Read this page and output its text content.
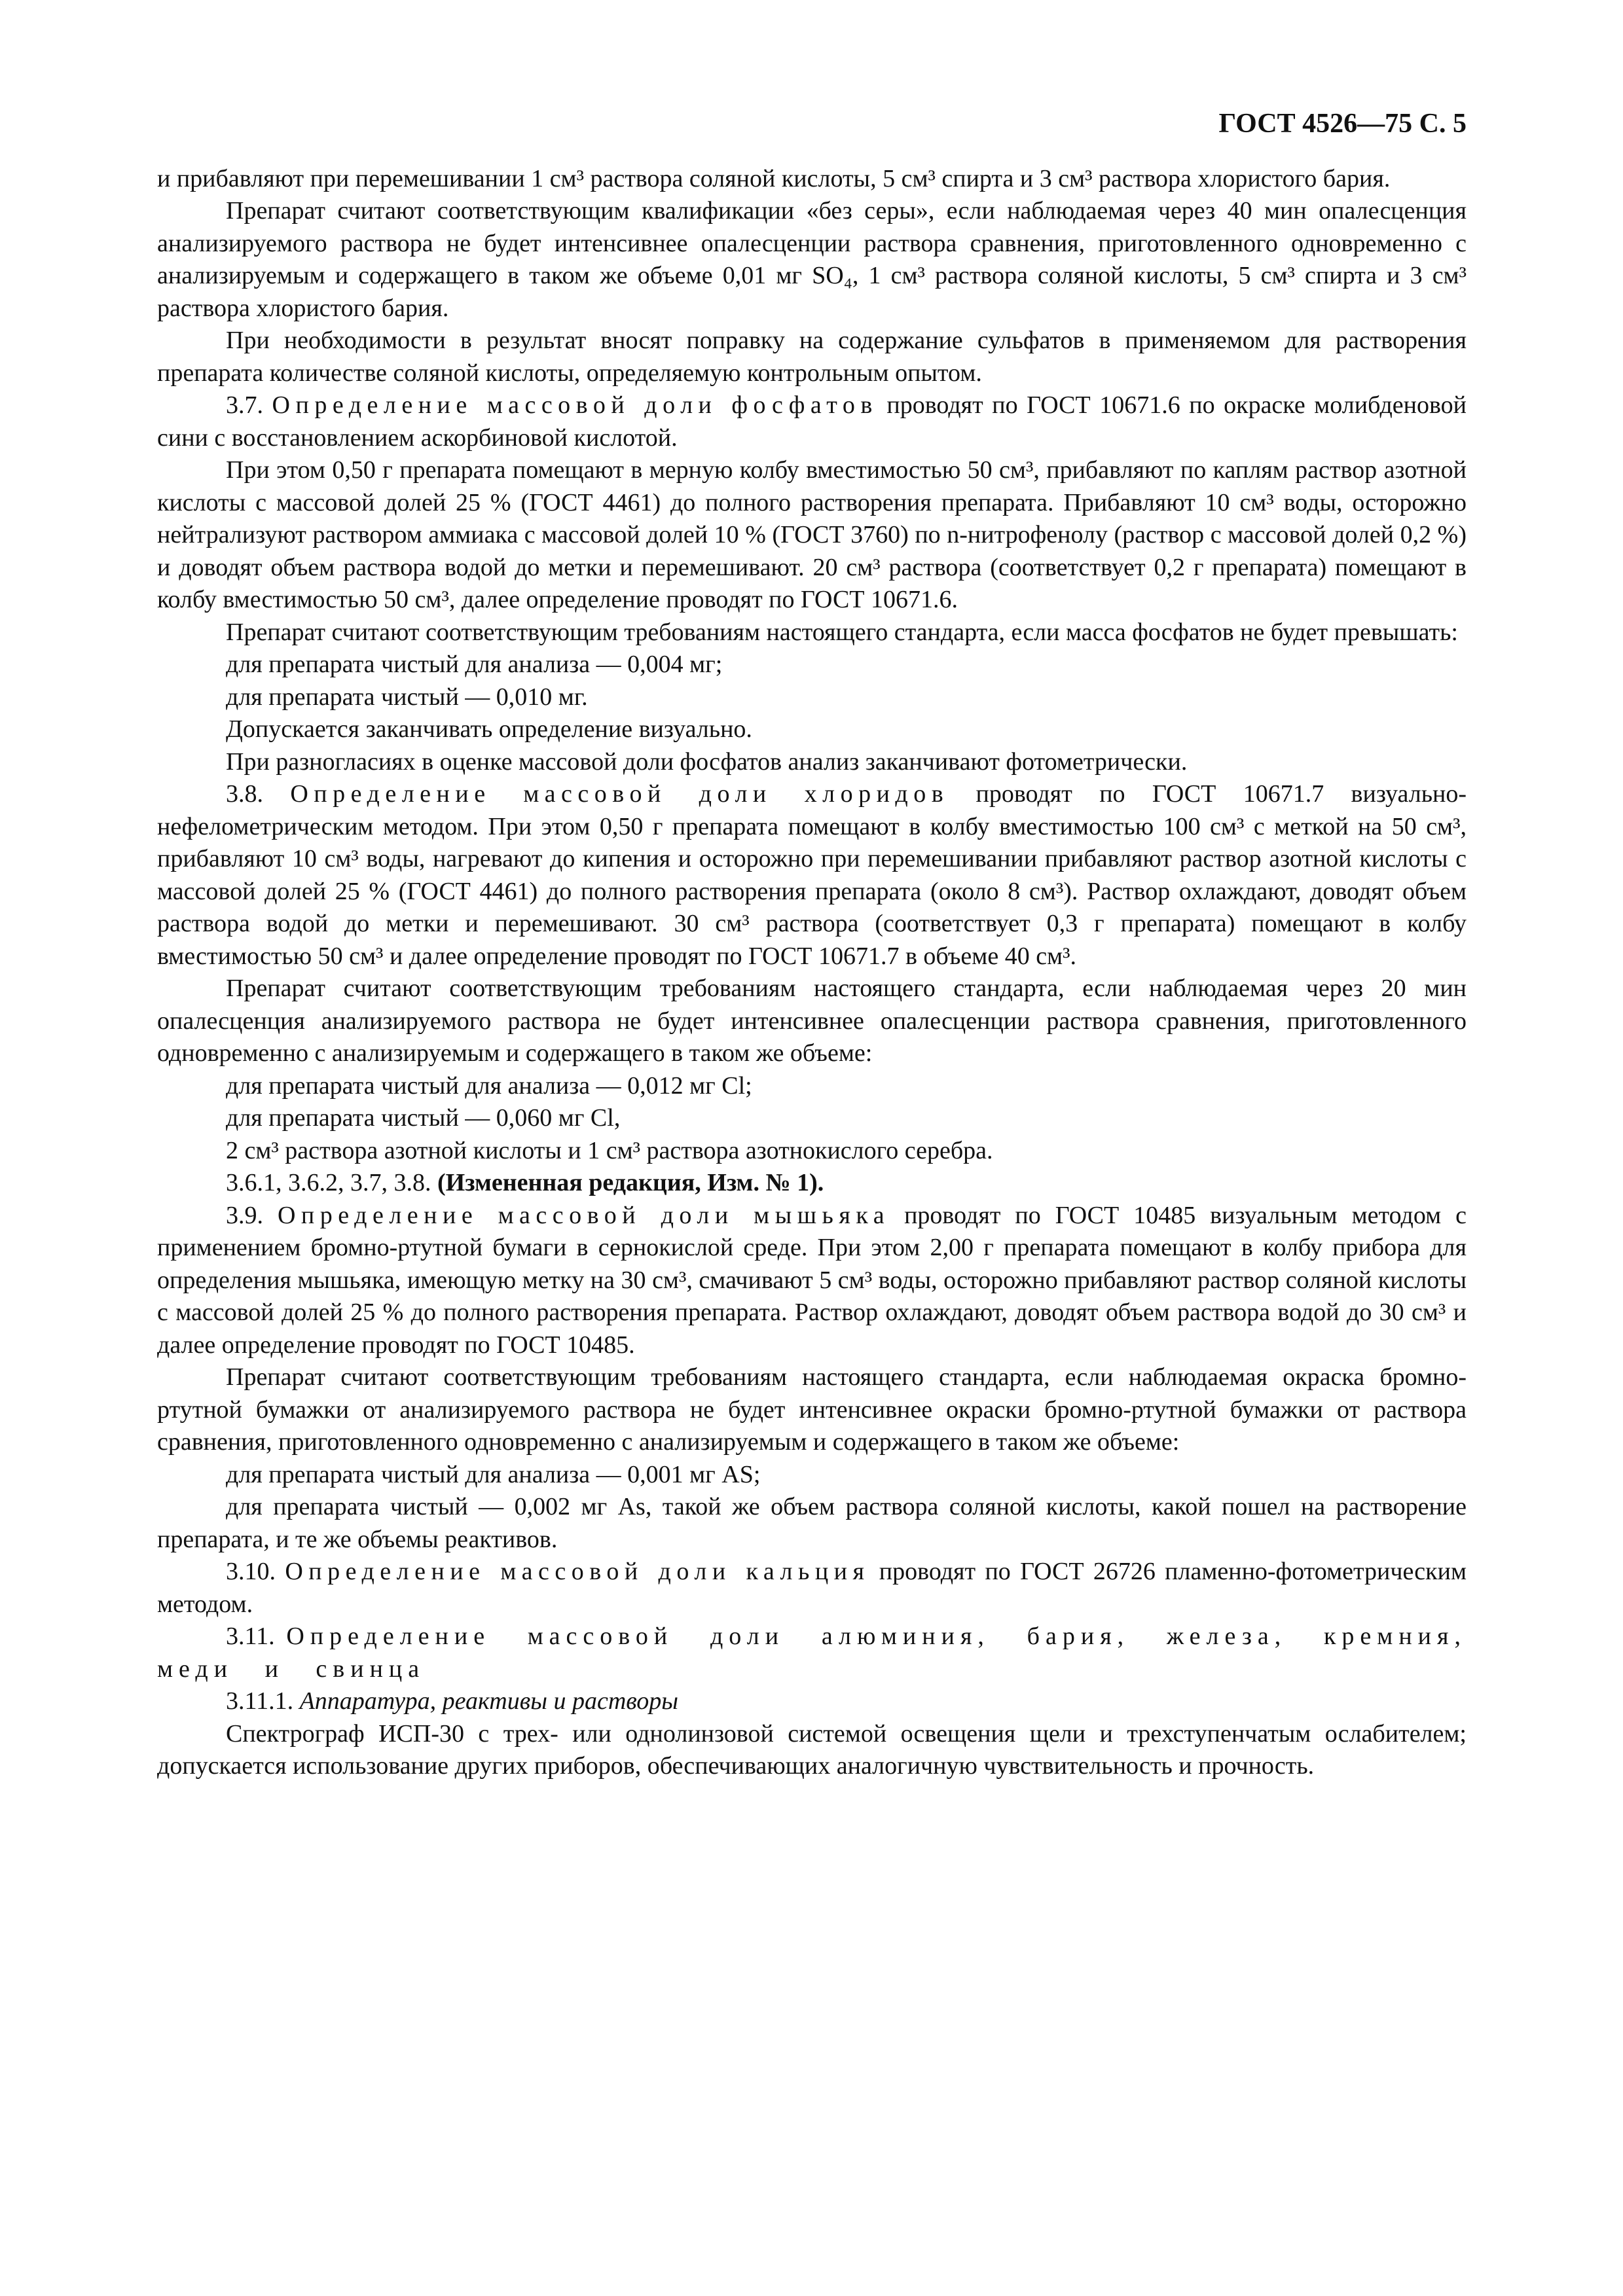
ГОСТ 4526—75 С. 5

и прибавляют при перемешивании 1 см³ раствора соляной кислоты, 5 см³ спирта и 3 см³ раствора хлористого бария.

Препарат считают соответствующим квалификации «без серы», если наблюдаемая через 40 мин опалесценция анализируемого раствора не будет интенсивнее опалесценции раствора сравнения, приготовленного одновременно с анализируемым и содержащего в таком же объеме 0,01 мг SO₄, 1 см³ раствора соляной кислоты, 5 см³ спирта и 3 см³ раствора хлористого бария.

При необходимости в результат вносят поправку на содержание сульфатов в применяемом для растворения препарата количестве соляной кислоты, определяемую контрольным опытом.

3.7. Определение массовой доли фосфатов проводят по ГОСТ 10671.6 по окраске молибденовой сини с восстановлением аскорбиновой кислотой.

При этом 0,50 г препарата помещают в мерную колбу вместимостью 50 см³, прибавляют по каплям раствор азотной кислоты с массовой долей 25 % (ГОСТ 4461) до полного растворения препарата. Прибавляют 10 см³ воды, осторожно нейтрализуют раствором аммиака с массовой долей 10 % (ГОСТ 3760) по n-нитрофенолу (раствор с массовой долей 0,2 %) и доводят объем раствора водой до метки и перемешивают. 20 см³ раствора (соответствует 0,2 г препарата) помещают в колбу вместимостью 50 см³, далее определение проводят по ГОСТ 10671.6.

Препарат считают соответствующим требованиям настоящего стандарта, если масса фосфатов не будет превышать:

для препарата чистый для анализа — 0,004 мг;

для препарата чистый — 0,010 мг.

Допускается заканчивать определение визуально.

При разногласиях в оценке массовой доли фосфатов анализ заканчивают фотометрически.

3.8. Определение массовой доли хлоридов проводят по ГОСТ 10671.7 визуально-нефелометрическим методом. При этом 0,50 г препарата помещают в колбу вместимостью 100 см³ с меткой на 50 см³, прибавляют 10 см³ воды, нагревают до кипения и осторожно при перемешивании прибавляют раствор азотной кислоты с массовой долей 25 % (ГОСТ 4461) до полного растворения препарата (около 8 см³). Раствор охлаждают, доводят объем раствора водой до метки и перемешивают. 30 см³ раствора (соответствует 0,3 г препарата) помещают в колбу вместимостью 50 см³ и далее определение проводят по ГОСТ 10671.7 в объеме 40 см³.

Препарат считают соответствующим требованиям настоящего стандарта, если наблюдаемая через 20 мин опалесценция анализируемого раствора не будет интенсивнее опалесценции раствора сравнения, приготовленного одновременно с анализируемым и содержащего в таком же объеме:

для препарата чистый для анализа — 0,012 мг Cl;

для препарата чистый — 0,060 мг Cl,

2 см³ раствора азотной кислоты и 1 см³ раствора азотнокислого серебра.

3.6.1, 3.6.2, 3.7, 3.8. (Измененная редакция, Изм. № 1).

3.9. Определение массовой доли мышьяка проводят по ГОСТ 10485 визуальным методом с применением бромно-ртутной бумаги в сернокислой среде. При этом 2,00 г препарата помещают в колбу прибора для определения мышьяка, имеющую метку на 30 см³, смачивают 5 см³ воды, осторожно прибавляют раствор соляной кислоты с массовой долей 25 % до полного растворения препарата. Раствор охлаждают, доводят объем раствора водой до 30 см³ и далее определение проводят по ГОСТ 10485.

Препарат считают соответствующим требованиям настоящего стандарта, если наблюдаемая окраска бромно-ртутной бумажки от анализируемого раствора не будет интенсивнее окраски бромно-ртутной бумажки от раствора сравнения, приготовленного одновременно с анализируемым и содержащего в таком же объеме:

для препарата чистый для анализа — 0,001 мг AS;

для препарата чистый — 0,002 мг As, такой же объем раствора соляной кислоты, какой пошел на растворение препарата, и те же объемы реактивов.

3.10. Определение массовой доли кальция проводят по ГОСТ 26726 пламенно-фотометрическим методом.

3.11. Определение массовой доли алюминия, бария, железа, кремния, меди и свинца

3.11.1. Аппаратура, реактивы и растворы

Спектрограф ИСП-30 с трех- или однолинзовой системой освещения щели и трехступенчатым ослабителем; допускается использование других приборов, обеспечивающих аналогичную чувствительность и прочность.
